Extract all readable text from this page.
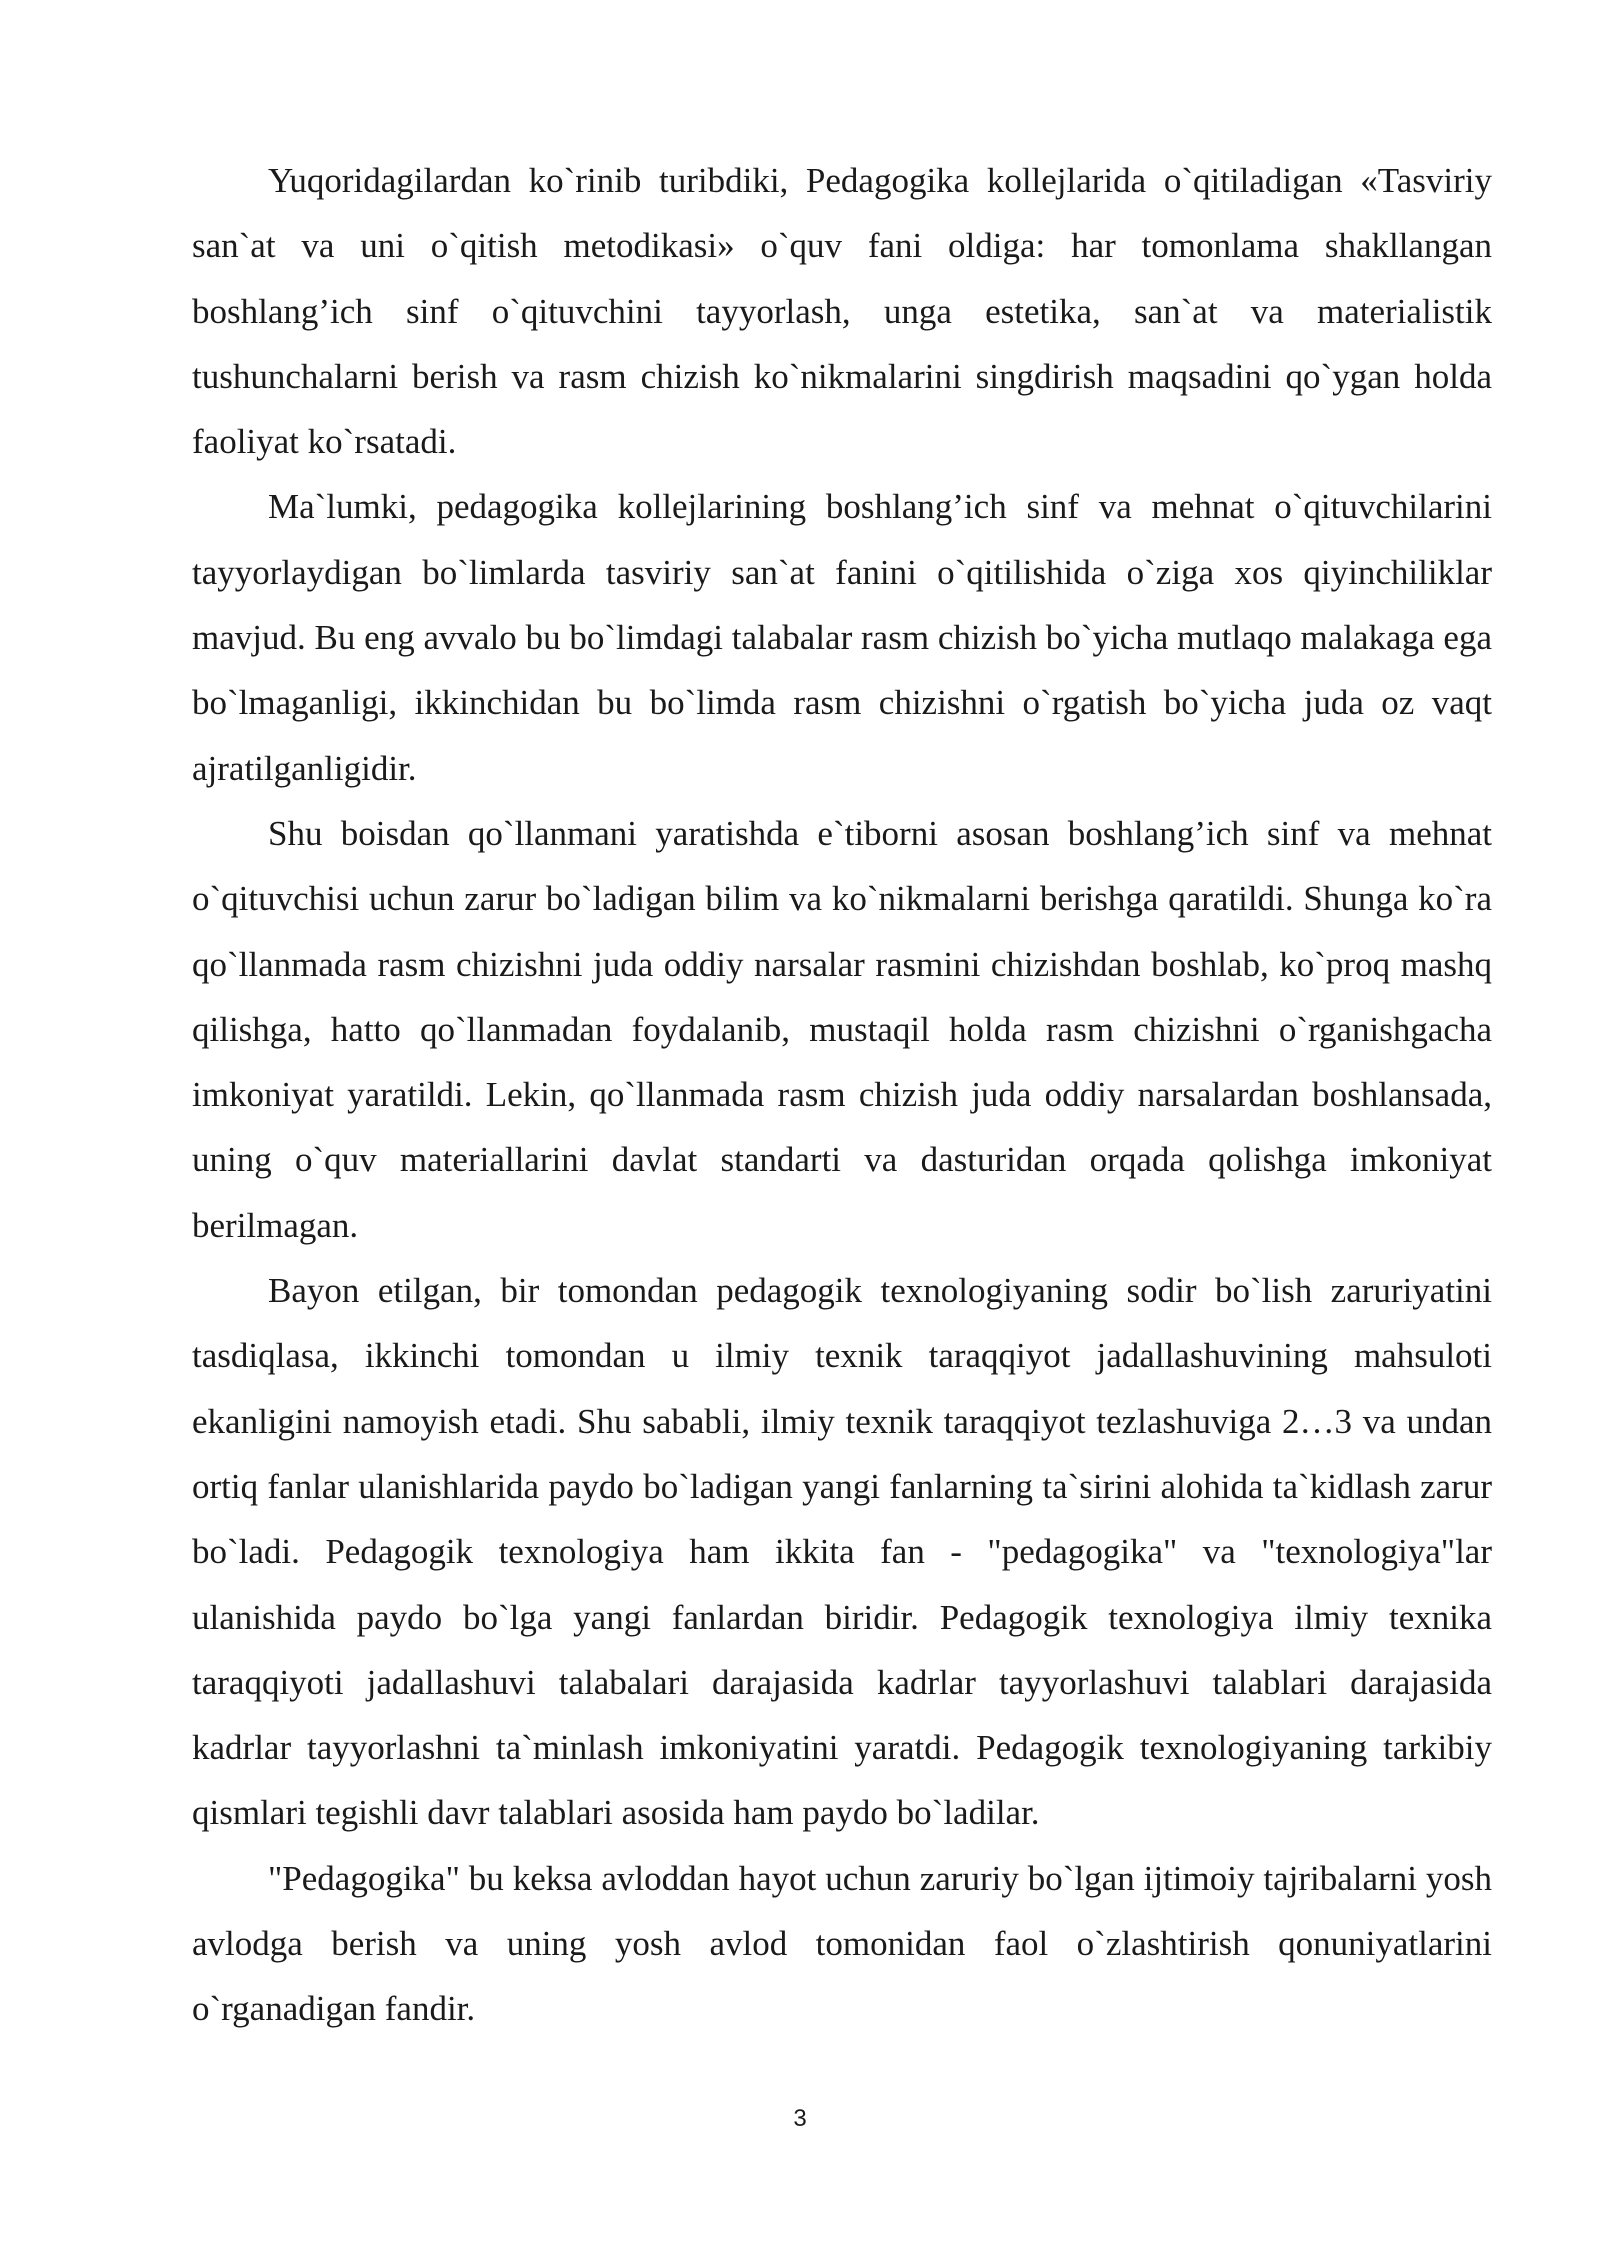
Yuqoridagilardan ko`rinib turibdiki, Pedagogika kollejlarida o`qitiladigan «Tasviriy san`at va uni o`qitish metodikasi» o`quv fani oldiga: har tomonlama shakllangan boshlang’ich sinf o`qituvchini tayyorlash, unga estetika, san`at va materialistik tushunchalarni berish va rasm chizish ko`nikmalarini singdirish maqsadini qo`ygan holda faoliyat ko`rsatadi.

Ma`lumki, pedagogika kollejlarining boshlang’ich sinf va mehnat o`qituvchilarini tayyorlaydigan bo`limlarda tasviriy san`at fanini o`qitilishida o`ziga xos qiyinchiliklar mavjud. Bu eng avvalo bu bo`limdagi talabalar rasm chizish bo`yicha mutlaqo malakaga ega bo`lmaganligi, ikkinchidan bu bo`limda rasm chizishni o`rgatish bo`yicha juda oz vaqt ajratilganligidir.

Shu boisdan qo`llanmani yaratishda e`tiborni asosan boshlang’ich sinf va mehnat o`qituvchisi uchun zarur bo`ladigan bilim va ko`nikmalarni berishga qaratildi. Shunga ko`ra qo`llanmada rasm chizishni juda oddiy narsalar rasmini chizishdan boshlab, ko`proq mashq qilishga, hatto qo`llanmadan foydalanib, mustaqil holda rasm chizishni o`rganishgacha imkoniyat yaratildi. Lekin, qo`llanmada rasm chizish juda oddiy narsalardan boshlansada, uning o`quv materiallarini davlat standarti va dasturidan orqada qolishga imkoniyat berilmagan.

Bayon etilgan, bir tomondan pedagogik texnologiyaning sodir bo`lish zaruriyatini tasdiqlasa, ikkinchi tomondan u ilmiy texnik taraqqiyot jadallashuvining mahsuloti ekanligini namoyish etadi. Shu sababli, ilmiy texnik taraqqiyot tezlashuviga 2…3 va undan ortiq fanlar ulanishlarida paydo bo`ladigan yangi fanlarning ta`sirini alohida ta`kidlash zarur bo`ladi. Pedagogik texnologiya ham ikkita fan - "pedagogika" va "texnologiya"lar ulanishida paydo bo`lga yangi fanlardan biridir. Pedagogik texnologiya ilmiy texnika taraqqiyoti jadallashuvi talabalari darajasida kadrlar tayyorlashuvi talablari darajasida kadrlar tayyorlashni ta`minlash imkoniyatini yaratdi. Pedagogik texnologiyaning tarkibiy qismlari tegishli davr talablari asosida ham paydo bo`ladilar.

"Pedagogika" bu keksa avloddan hayot uchun zaruriy bo`lgan ijtimoiy tajribalarni yosh avlodga berish va uning yosh avlod tomonidan faol o`zlashtirish qonuniyatlarini o`rganadigan fandir.

3
